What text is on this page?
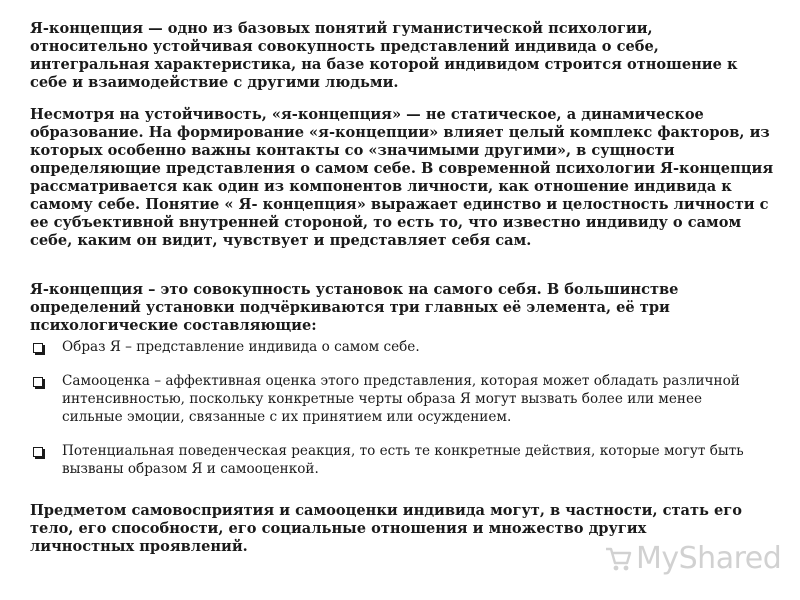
Я-концепция — одно из базовых понятий гуманистической психологии, относительно устойчивая совокупность представлений индивида о себе, интегральная характеристика, на базе которой индивидом строится отношение к себе и взаимодействие с другими людьми.

Несмотря на устойчивость, «я-концепция» — не статическое, а динамическое образование. На формирование «я-концепции» влияет целый комплекс факторов, из которых особенно важны контакты со «значимыми другими», в сущности определяющие представления о самом себе. В современной психологии Я-концепция рассматривается как один из компонентов личности, как отношение индивида к самому себе. Понятие « Я- концепция» выражает единство и целостность личности с ее субъективной внутренней стороной, то есть то, что известно индивиду о самом себе, каким он видит, чувствует и представляет себя сам.

Я-концепция – это совокупность установок на самого себя. В большинстве определений установки подчёркиваются три главных её элемента, её три психологические составляющие:

Образ Я – представление индивида о самом себе.
Самооценка – аффективная оценка этого представления, которая может обладать различной интенсивностью, поскольку конкретные черты образа Я могут вызвать более или менее сильные эмоции, связанные с их принятием или осуждением.
Потенциальная поведенческая реакция, то есть те конкретные действия, которые могут быть вызваны образом Я и самооценкой.

Предметом самовосприятия и самооценки индивида могут, в частности, стать его тело, его способности, его социальные отношения и множество других личностных проявлений.	MyShared
